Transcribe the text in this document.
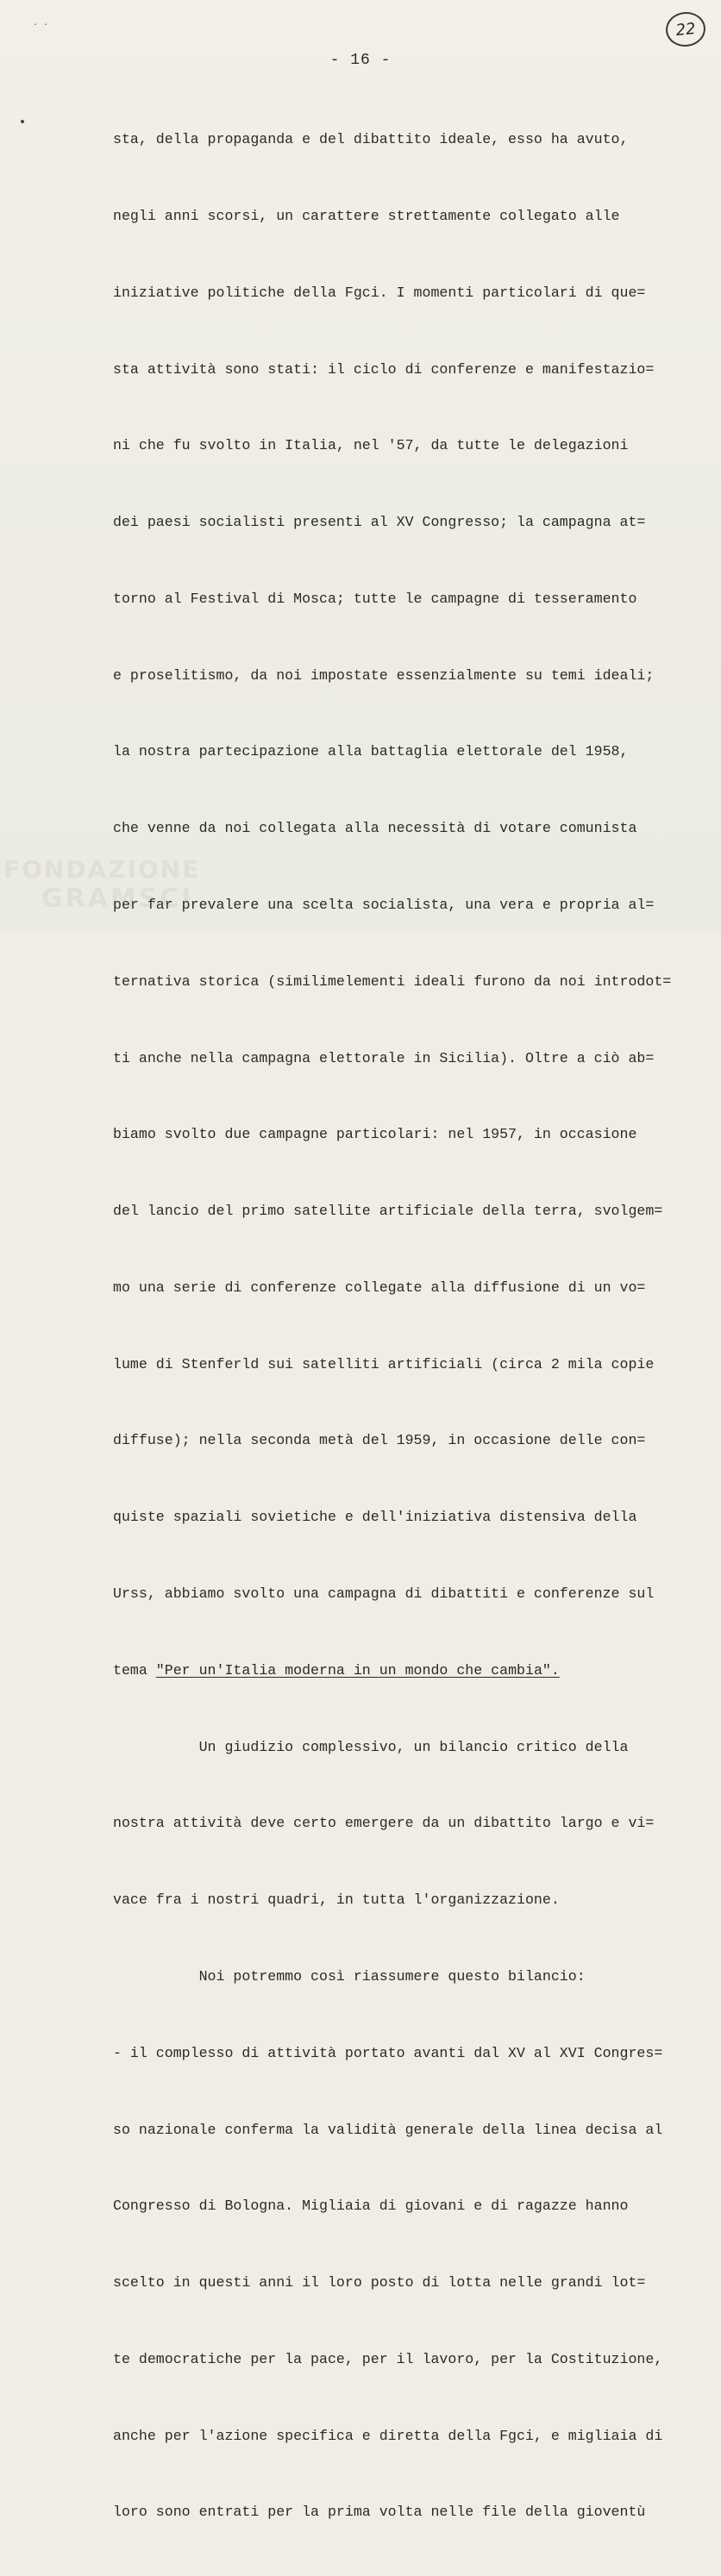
. .	22
- 16 -

sta, della propaganda e del dibattito ideale, esso ha avuto,

negli anni scorsi, un carattere strettamente collegato alle

iniziative politiche della Fgci. I momenti particolari di que=

sta attività sono stati: il ciclo di conferenze e manifestazio=

ni che fu svolto in Italia, nel '57, da tutte le delegazioni

dei paesi socialisti presenti al XV Congresso; la campagna at=

torno al Festival di Mosca; tutte le campagne di tesseramento

e proselitismo, da noi impostate essenzialmente su temi ideali;

la nostra partecipazione alla battaglia elettorale del 1958,

che venne da noi collegata alla necessità di votare comunista

per far prevalere una scelta socialista, una vera e propria al=

ternativa storica (similimelementi ideali furono da noi introdot=

ti anche nella campagna elettorale in Sicilia). Oltre a ciò ab=

biamo svolto due campagne particolari: nel 1957, in occasione

del lancio del primo satellite artificiale della terra, svolgem=

mo una serie di conferenze collegate alla diffusione di un vo=

lume di Stenferld sui satelliti artificiali (circa 2 mila copie

diffuse); nella seconda metà del 1959, in occasione delle con=

quiste spaziali sovietiche e dell'iniziativa distensiva della

Urss, abbiamo svolto una campagna di dibattiti e conferenze sul

tema "Per un'Italia moderna in un mondo che cambia".

Un giudizio complessivo, un bilancio critico della

nostra attività deve certo emergere da un dibattito largo e vi=

vace fra i nostri quadri, in tutta l'organizzazione.

Noi potremmo così riassumere questo bilancio:

- il complesso di attività portato avanti dal XV al XVI Congres=

so nazionale conferma la validità generale della linea decisa al

Congresso di Bologna. Migliaia di giovani e di ragazze hanno

scelto in questi anni il loro posto di lotta nelle grandi lot=

te democratiche per la pace, per il lavoro, per la Costituzione,

anche per l'azione specifica e diretta della Fgci, e migliaia di

loro sono entrati per la prima volta nelle file della gioventù

FONDAZIONE
GRAMSCI
